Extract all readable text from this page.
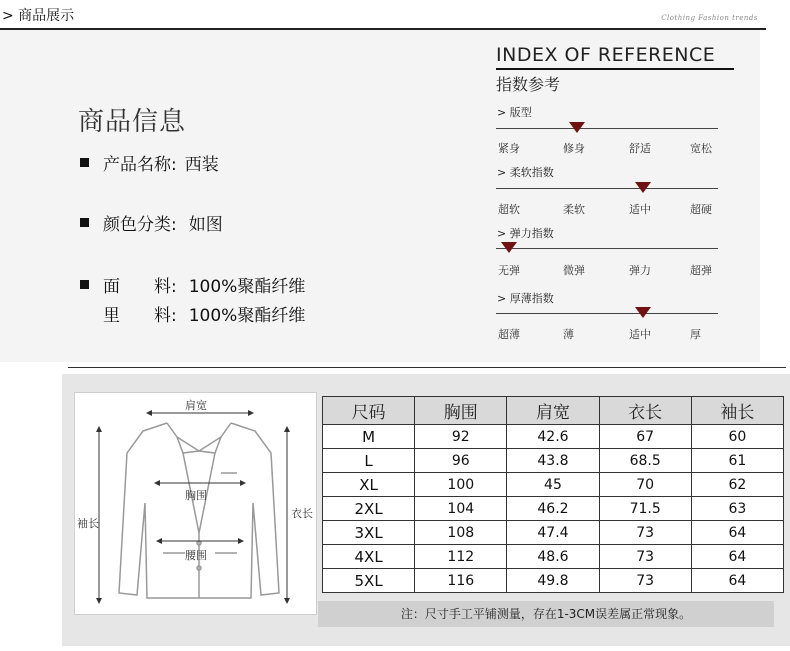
> 商品展示	Clothing Fashion trends
商品信息
产品名称: 西装
颜色分类: 如图
面　　料: 100%聚酯纤维
里　　料: 100%聚酯纤维
INDEX OF REFERENCE
指数参考
> 版型
紧身	修身	舒适	宽松
> 柔软指数
超软	柔软	适中	超硬
> 弹力指数
无弹	微弹	弹力	超弹
> 厚薄指数
超薄	薄	适中	厚
肩宽
胸围
腰围
袖长
衣长
尺码	胸围	肩宽	衣长	袖长
M	92	42.6	67	60
L	96	43.8	68.5	61
XL	100	45	70	62
2XL	104	46.2	71.5	63
3XL	108	47.4	73	64
4XL	112	48.6	73	64
5XL	116	49.8	73	64
注：尺寸手工平铺测量，存在1-3CM误差属正常现象。
